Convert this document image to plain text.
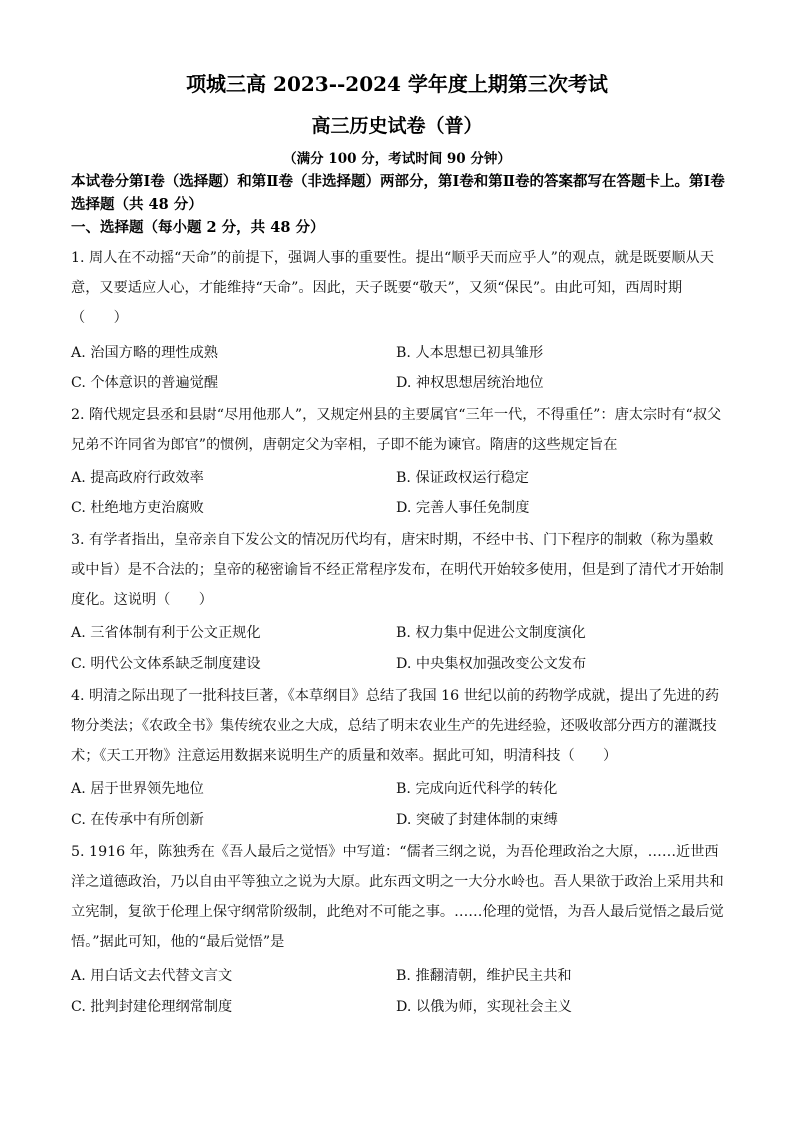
项城三高 2023--2024 学年度上期第三次考试
高三历史试卷（普）
（满分 100 分，考试时间 90 分钟）
本试卷分第Ⅰ卷（选择题）和第Ⅱ卷（非选择题）两部分，第Ⅰ卷和第Ⅱ卷的答案都写在答题卡上。第Ⅰ卷选择题（共 48 分）
一、选择题（每小题 2 分，共 48 分）
1. 周人在不动摇“天命”的前提下，强调人事的重要性。提出“顺乎天而应乎人”的观点，就是既要顺从天意，又要适应人心，才能维持“天命”。因此，天子既要“敬天”，又须“保民”。由此可知，西周时期（　　）
A. 治国方略的理性成熟	B. 人本思想已初具雏形
C. 个体意识的普遍觉醒	D. 神权思想居统治地位
2. 隋代规定县丞和县尉“尽用他那人”，又规定州县的主要属官“三年一代，不得重任”：唐太宗时有“叔父兄弟不许同省为郎官”的惯例，唐朝定父为宰相，子即不能为谏官。隋唐的这些规定旨在
A. 提高政府行政效率	B. 保证政权运行稳定
C. 杜绝地方吏治腐败	D. 完善人事任免制度
3. 有学者指出，皇帝亲自下发公文的情况历代均有，唐宋时期，不经中书、门下程序的制敕（称为墨敕或中旨）是不合法的；皇帝的秘密谕旨不经正常程序发布，在明代开始较多使用，但是到了清代才开始制度化。这说明（　　）
A. 三省体制有利于公文正规化	B. 权力集中促进公文制度演化
C. 明代公文体系缺乏制度建设	D. 中央集权加强改变公文发布
4. 明清之际出现了一批科技巨著，《本草纲目》总结了我国 16 世纪以前的药物学成就，提出了先进的药物分类法；《农政全书》集传统农业之大成，总结了明末农业生产的先进经验，还吸收部分西方的灌溉技术；《天工开物》注意运用数据来说明生产的质量和效率。据此可知，明清科技（　　）
A. 居于世界领先地位	B. 完成向近代科学的转化
C. 在传承中有所创新	D. 突破了封建体制的束缚
5. 1916 年，陈独秀在《吾人最后之觉悟》中写道：“儒者三纲之说，为吾伦理政治之大原，……近世西洋之道德政治，乃以自由平等独立之说为大原。此东西文明之一大分水岭也。吾人果欲于政治上采用共和立宪制，复欲于伦理上保守纲常阶级制，此绝对不可能之事。……伦理的觉悟，为吾人最后觉悟之最后觉悟。”据此可知，他的“最后觉悟”是
A. 用白话文去代替文言文	B. 推翻清朝，维护民主共和
C. 批判封建伦理纲常制度	D. 以俄为师，实现社会主义
